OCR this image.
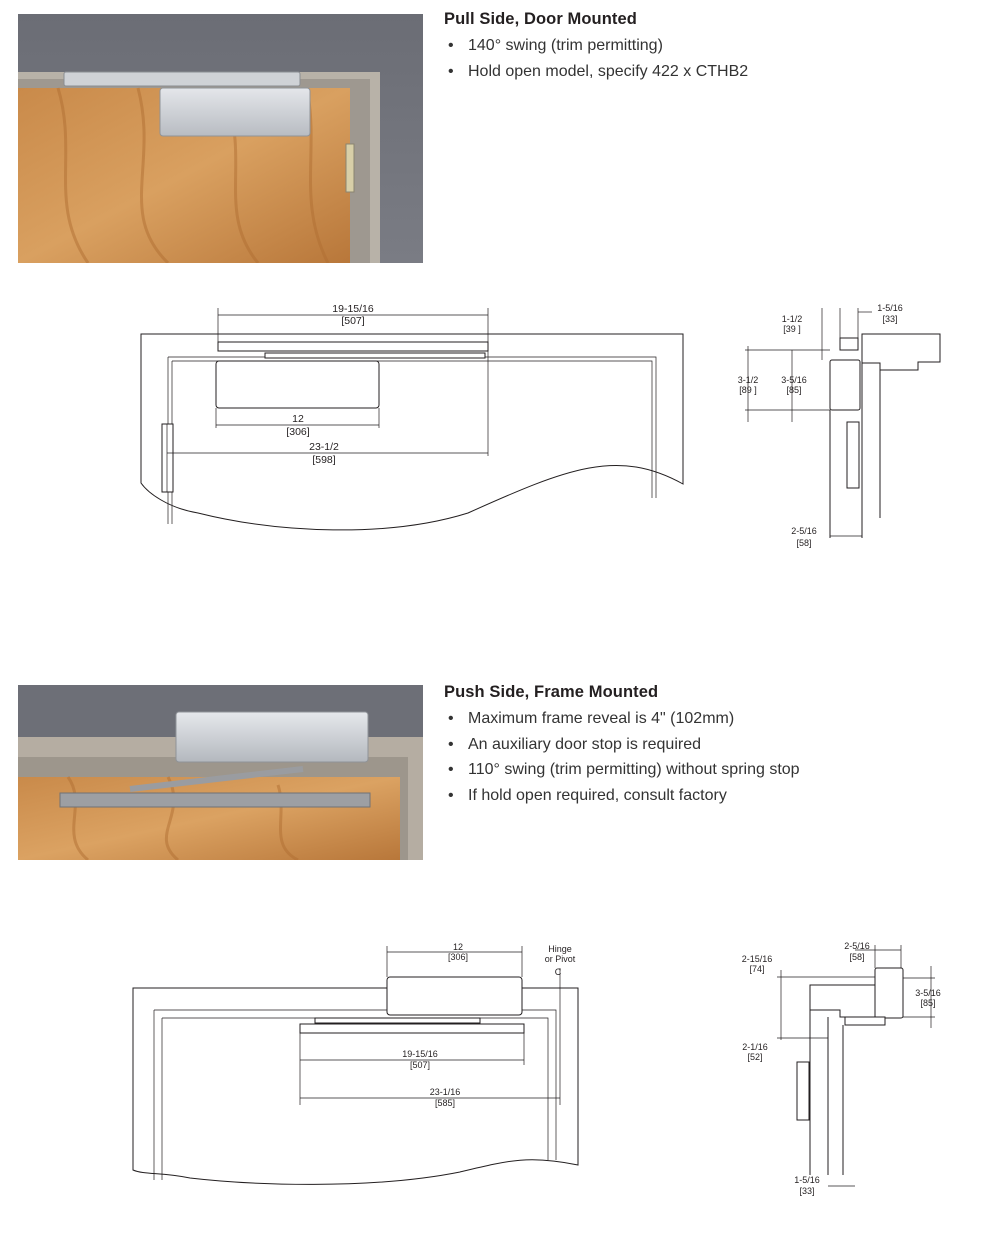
Pull Side, Door Mounted
• 140° swing (trim permitting)
• Hold open model, specify 422 x CTHB2
19-15/16
[507]
12
[306]
23-1/2
[598]
1-1/2
[39 ]
1-5/16
[33]
3-1/2
[89 ]
3-5/16
[85]
2-5/16
[58]
Push Side, Frame Mounted
• Maximum frame reveal is 4" (102mm)
• An auxiliary door stop is required
• 110° swing (trim permitting) without spring stop
• If hold open required, consult factory
12
[306]
Hinge
or Pivot
C
19-15/16
[507]
23-1/16
[585]
2-5/16
[58]
2-15/16
[74]
3-5/16
[85]
2-1/16
[52]
1-5/16
[33]
